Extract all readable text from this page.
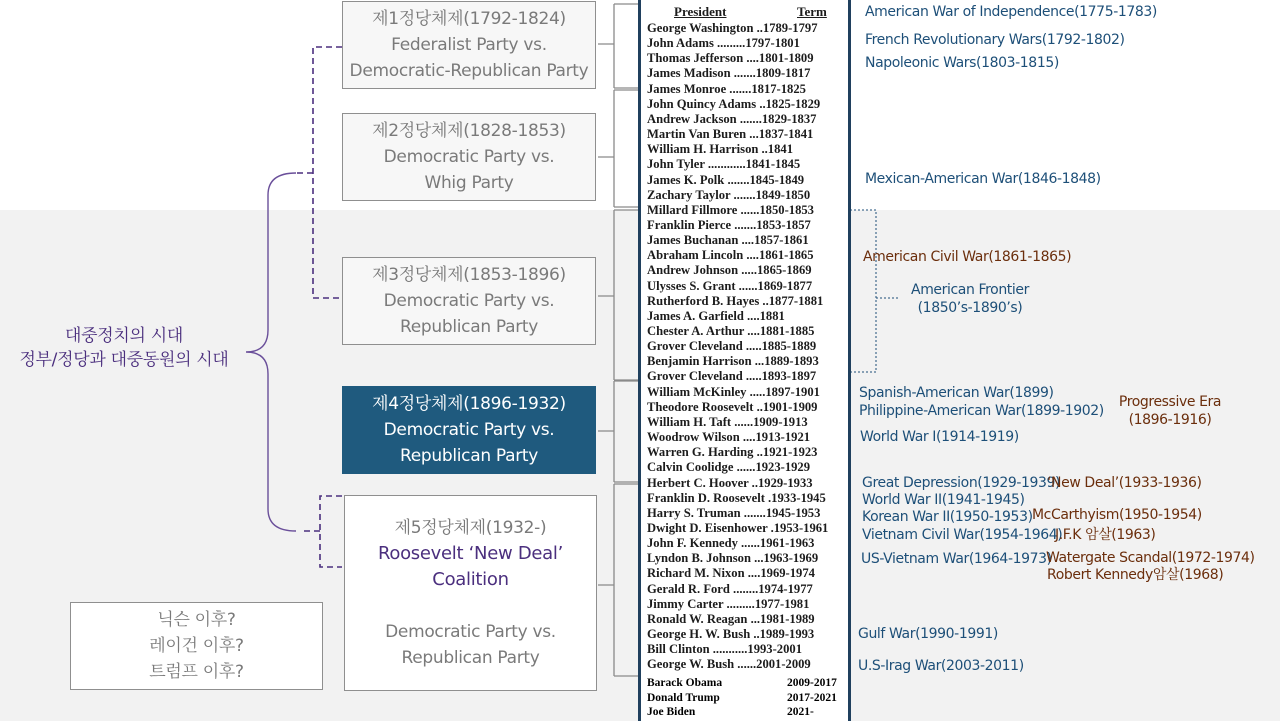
제1정당체제(1792-1824)
Federalist Party vs.
Democratic-Republican Party
제2정당체제(1828-1853)
Democratic Party vs.
Whig Party
제3정당체제(1853-1896)
Democratic Party vs.
Republican Party
제4정당체제(1896-1932)
Democratic Party vs.
Republican Party
제5정당체제(1932-)
Roosevelt ‘New Deal’
Coalition
Democratic Party vs.
Republican Party
닉슨 이후?
레이건 이후?
트럼프 이후?
대중정치의 시대
정부/정당과 대중동원의 시대
President	Term
George Washington ..1789-1797
John Adams .........1797-1801
Thomas Jefferson ....1801-1809
James Madison .......1809-1817
James Monroe .......1817-1825
John Quincy Adams ..1825-1829
Andrew Jackson .......1829-1837
Martin Van Buren ...1837-1841
William H. Harrison ..1841
John Tyler ............1841-1845
James K. Polk .......1845-1849
Zachary Taylor .......1849-1850
Millard Fillmore ......1850-1853
Franklin Pierce .......1853-1857
James Buchanan ....1857-1861
Abraham Lincoln ....1861-1865
Andrew Johnson .....1865-1869
Ulysses S. Grant ......1869-1877
Rutherford B. Hayes ..1877-1881
James A. Garfield ....1881
Chester A. Arthur ....1881-1885
Grover Cleveland .....1885-1889
Benjamin Harrison ...1889-1893
Grover Cleveland .....1893-1897
William McKinley .....1897-1901
Theodore Roosevelt ..1901-1909
William H. Taft ......1909-1913
Woodrow Wilson ....1913-1921
Warren G. Harding ..1921-1923
Calvin Coolidge ......1923-1929
Herbert C. Hoover ..1929-1933
Franklin D. Roosevelt .1933-1945
Harry S. Truman .......1945-1953
Dwight D. Eisenhower .1953-1961
John F. Kennedy ......1961-1963
Lyndon B. Johnson ...1963-1969
Richard M. Nixon ....1969-1974
Gerald R. Ford ........1974-1977
Jimmy Carter .........1977-1981
Ronald W. Reagan ...1981-1989
George H. W. Bush ..1989-1993
Bill Clinton ...........1993-2001
George W. Bush ......2001-2009
Barack Obama	2009-2017
Donald Trump	2017-2021
Joe Biden	2021-
American War of Independence(1775-1783)
French Revolutionary Wars(1792-1802)
Napoleonic Wars(1803-1815)
Mexican-American War(1846-1848)
American Civil War(1861-1865)
American Frontier
(1850’s-1890’s)
Spanish-American War(1899)
Philippine-American War(1899-1902)
Progressive Era
(1896-1916)
World War I(1914-1919)
Great Depression(1929-1939)
‘New Deal’(1933-1936)
World War II(1941-1945)
Korean War II(1950-1953) McCarthyism(1950-1954)
Vietnam Civil War(1954-1964)
J.F.K 암살(1963)
US-Vietnam War(1964-1973)
Watergate Scandal(1972-1974)
Robert Kennedy암살(1968)
Gulf War(1990-1991)
U.S-Irag War(2003-2011)
